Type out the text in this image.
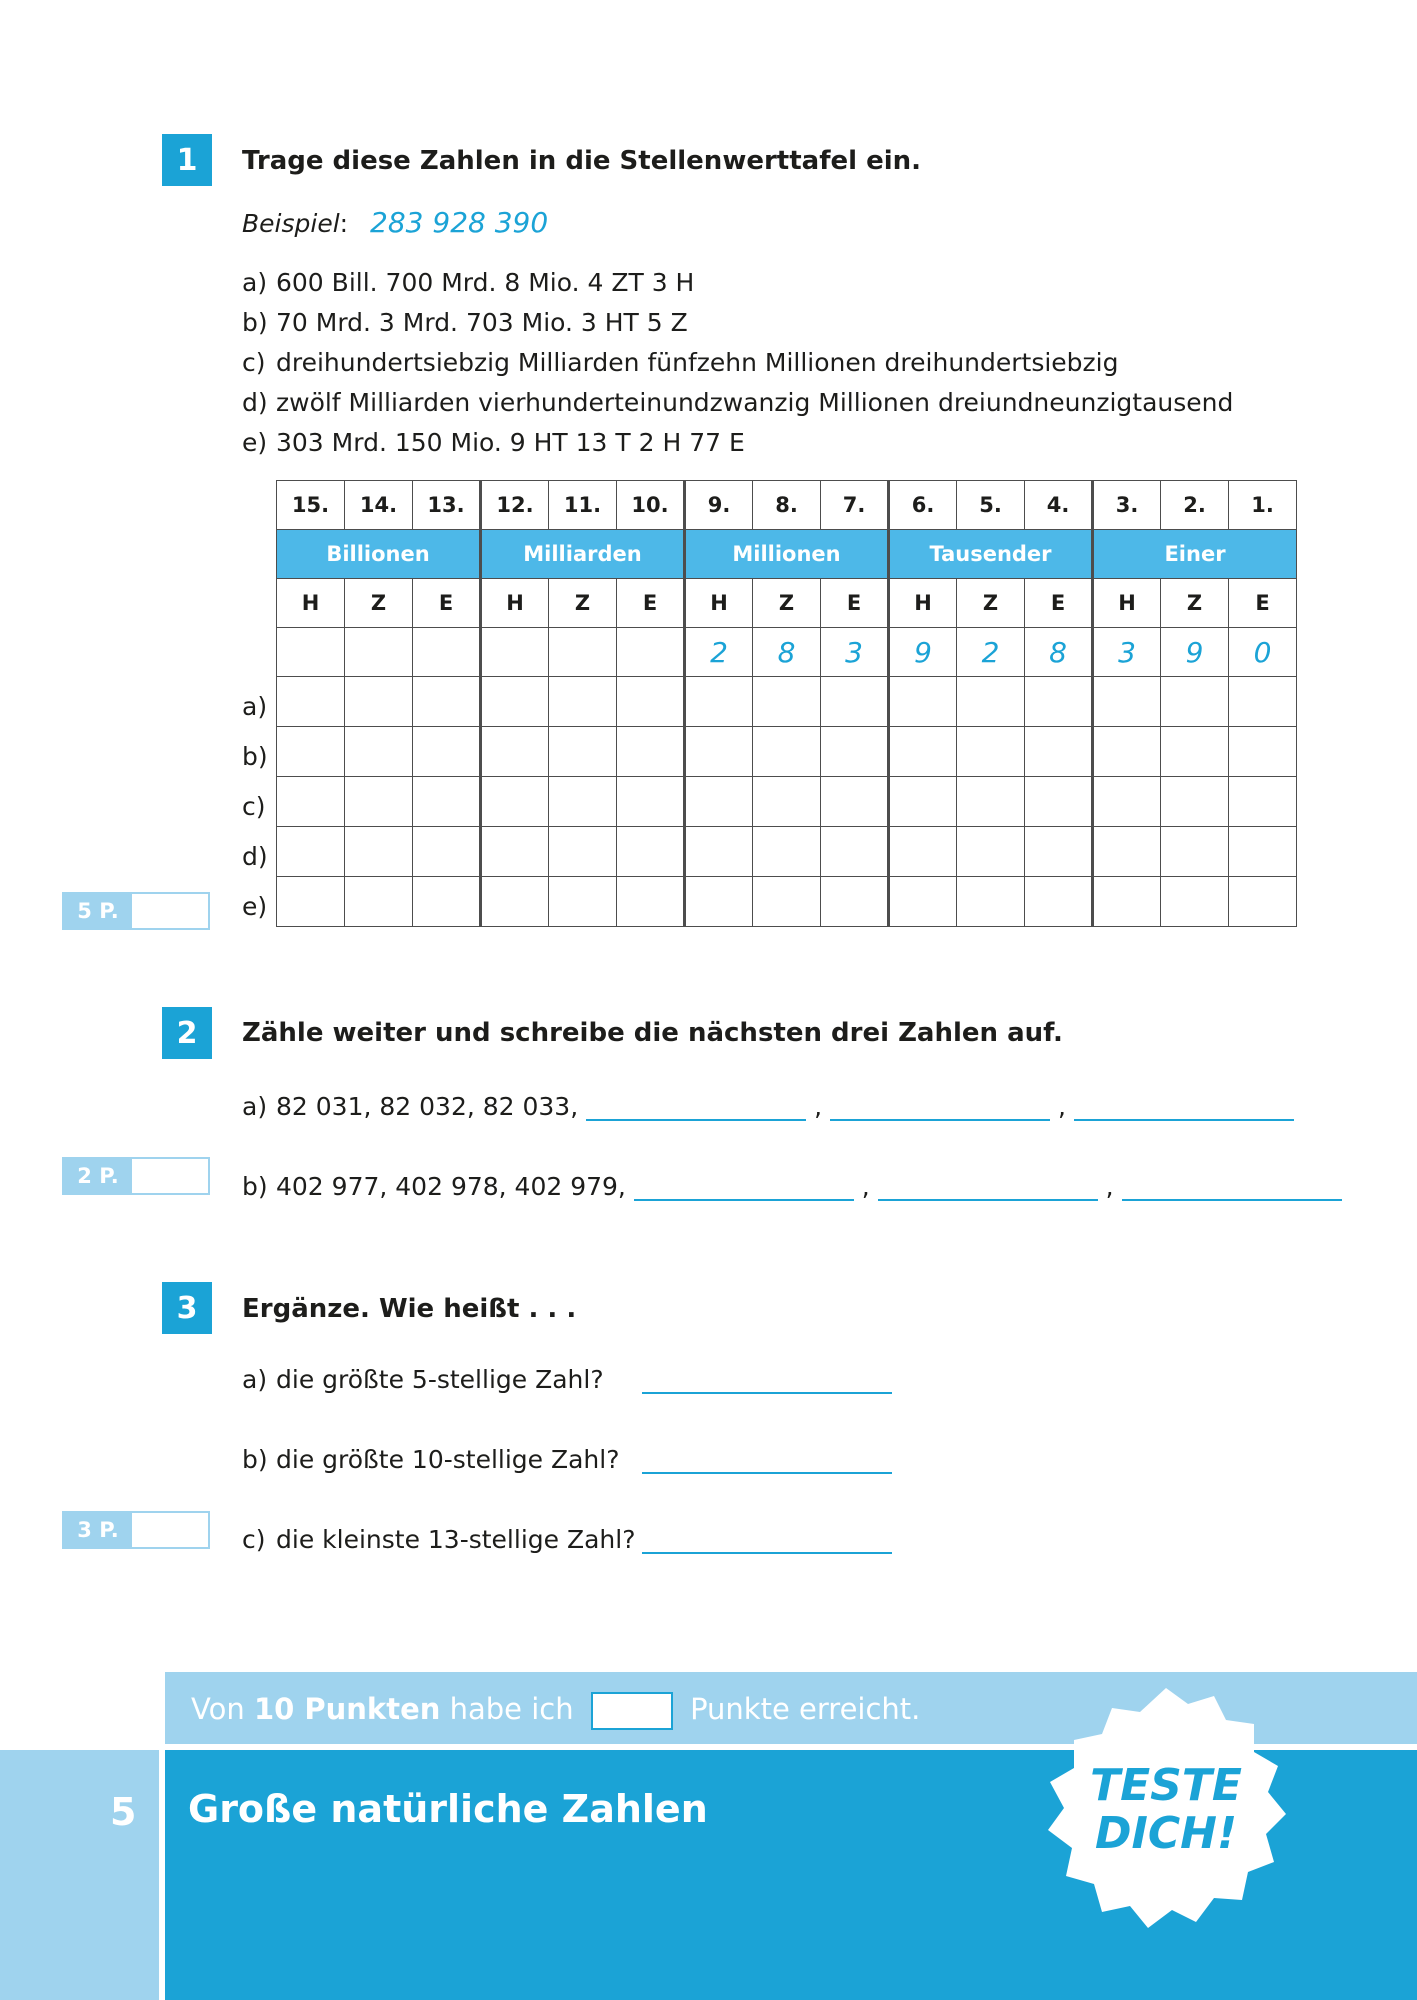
1	Trage diese Zahlen in die Stellenwerttafel ein.
Beispiel: 283 928 390
a) 600 Bill. 700 Mrd. 8 Mio. 4 ZT 3 H
b) 70 Mrd. 3 Mrd. 703 Mio. 3 HT 5 Z
c) dreihundertsiebzig Milliarden fünfzehn Millionen dreihundertsiebzig
d) zwölf Milliarden vierhunderteinundzwanzig Millionen dreiundneunzigtausend
e) 303 Mrd. 150 Mio. 9 HT 13 T 2 H 77 E
15.	14.	13.	12.	11.	10.	9.	8.	7.	6.	5.	4.	3.	2.	1.
Billionen			Milliarden			Millionen			Tausender			Einer		
H	Z	E	H	Z	E	H	Z	E	H	Z	E	H	Z	E
						2	8	3	9	2	8	3	9	0

a)
b)
c)
d)
e)
5 P.
2	Zähle weiter und schreibe die nächsten drei Zahlen auf.
a) 82 031, 82 032, 82 033,	,	,
b) 402 977, 402 978, 402 979,	,	,
2 P.
3	Ergänze. Wie heißt . . .
a) die größte 5-stellige Zahl?
b) die größte 10-stellige Zahl?
c) die kleinste 13-stellige Zahl?
3 P.
Von 10 Punkten habe ich	Punkte erreicht.
5 Große natürliche Zahlen	TESTE
DICH!
